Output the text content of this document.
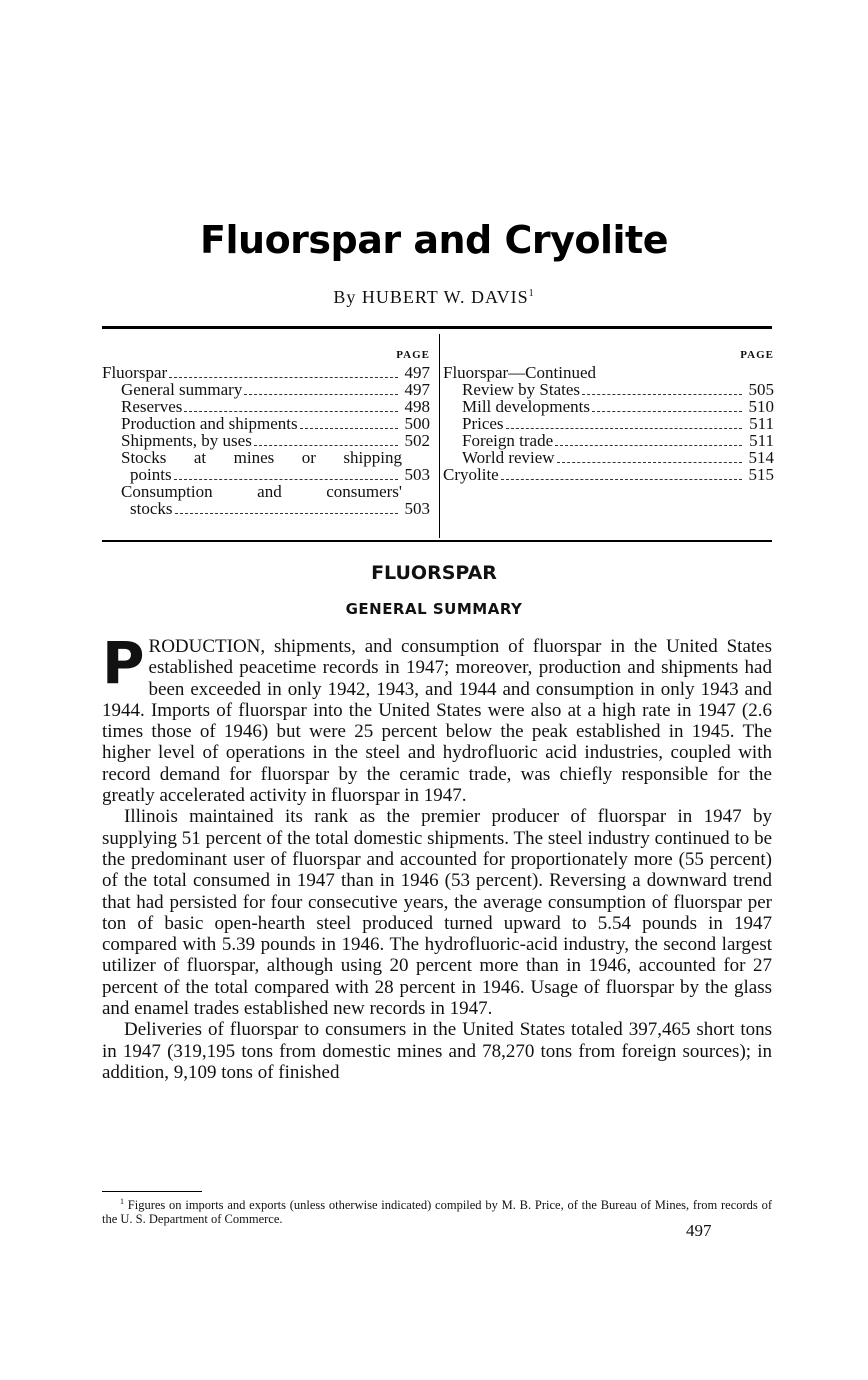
Fluorspar and Cryolite
By HUBERT W. DAVIS$^1$
PAGE
Fluorspar	497
General summary	497
Reserves	498
Production and shipments	500
Shipments, by uses	502
Stocks at mines or shipping
points	503
Consumption and consumers'
stocks	503
PAGE
Fluorspar—Continued
Review by States	505
Mill developments	510
Prices	511
Foreign trade	511
World review	514
Cryolite	515
FLUORSPAR
GENERAL SUMMARY

PRODUCTION, shipments, and consumption of fluorspar in the United States established peacetime records in 1947; moreover, production and shipments had been exceeded in only 1942, 1943, and 1944 and consumption in only 1943 and 1944. Imports of fluorspar into the United States were also at a high rate in 1947 (2.6 times those of 1946) but were 25 percent below the peak established in 1945. The higher level of operations in the steel and hydrofluoric acid industries, coupled with record demand for fluorspar by the ceramic trade, was chiefly responsible for the greatly accelerated activity in fluorspar in 1947.

Illinois maintained its rank as the premier producer of fluorspar in 1947 by supplying 51 percent of the total domestic shipments. The steel industry continued to be the predominant user of fluorspar and accounted for proportionately more (55 percent) of the total consumed in 1947 than in 1946 (53 percent). Reversing a downward trend that had persisted for four consecutive years, the average consumption of fluorspar per ton of basic open-hearth steel produced turned upward to 5.54 pounds in 1947 compared with 5.39 pounds in 1946. The hydrofluoric-acid industry, the second largest utilizer of fluorspar, although using 20 percent more than in 1946, accounted for 27 percent of the total compared with 28 percent in 1946. Usage of fluorspar by the glass and enamel trades established new records in 1947.

Deliveries of fluorspar to consumers in the United States totaled 397,465 short tons in 1947 (319,195 tons from domestic mines and 78,270 tons from foreign sources); in addition, 9,109 tons of finished

$^1$ Figures on imports and exports (unless otherwise indicated) compiled by M. B. Price, of the Bureau of Mines, from records of the U. S. Department of Commerce.
497
